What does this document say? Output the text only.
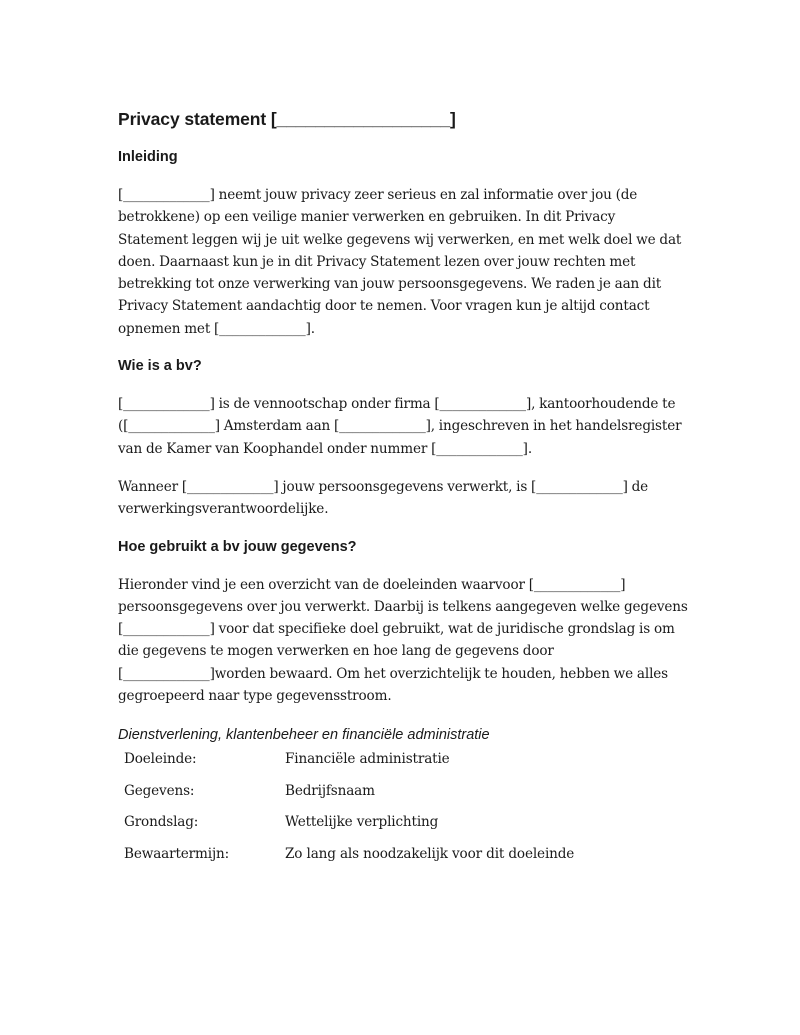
Privacy statement [__________________]
Inleiding

[_____________] neemt jouw privacy zeer serieus en zal informatie over jou (de betrokkene) op een veilige manier verwerken en gebruiken. In dit Privacy Statement leggen wij je uit welke gegevens wij verwerken, en met welk doel we dat doen. Daarnaast kun je in dit Privacy Statement lezen over jouw rechten met betrekking tot onze verwerking van jouw persoonsgegevens. We raden je aan dit Privacy Statement aandachtig door te nemen. Voor vragen kun je altijd contact opnemen met [_____________].

Wie is a bv?

[_____________] is de vennootschap onder firma [_____________], kantoorhoudende te ([_____________] Amsterdam aan [_____________], ingeschreven in het handelsregister van de Kamer van Koophandel onder nummer [_____________].

Wanneer [_____________] jouw persoonsgegevens verwerkt, is [_____________] de verwerkingsverantwoordelijke.

Hoe gebruikt a bv jouw gegevens?

Hieronder vind je een overzicht van de doeleinden waarvoor [_____________] persoonsgegevens over jou verwerkt. Daarbij is telkens aangegeven welke gegevens [_____________] voor dat specifieke doel gebruikt, wat de juridische grondslag is om die gegevens te mogen verwerken en hoe lang de gegevens door [_____________]worden bewaard. Om het overzichtelijk te houden, hebben we alles gegroepeerd naar type gegevensstroom.

Dienstverlening, klantenbeheer en financiële administratie
Doeleinde:	Financiële administratie
Gegevens:	Bedrijfsnaam
Grondslag:	Wettelijke verplichting
Bewaartermijn:	Zo lang als noodzakelijk voor dit doeleinde
